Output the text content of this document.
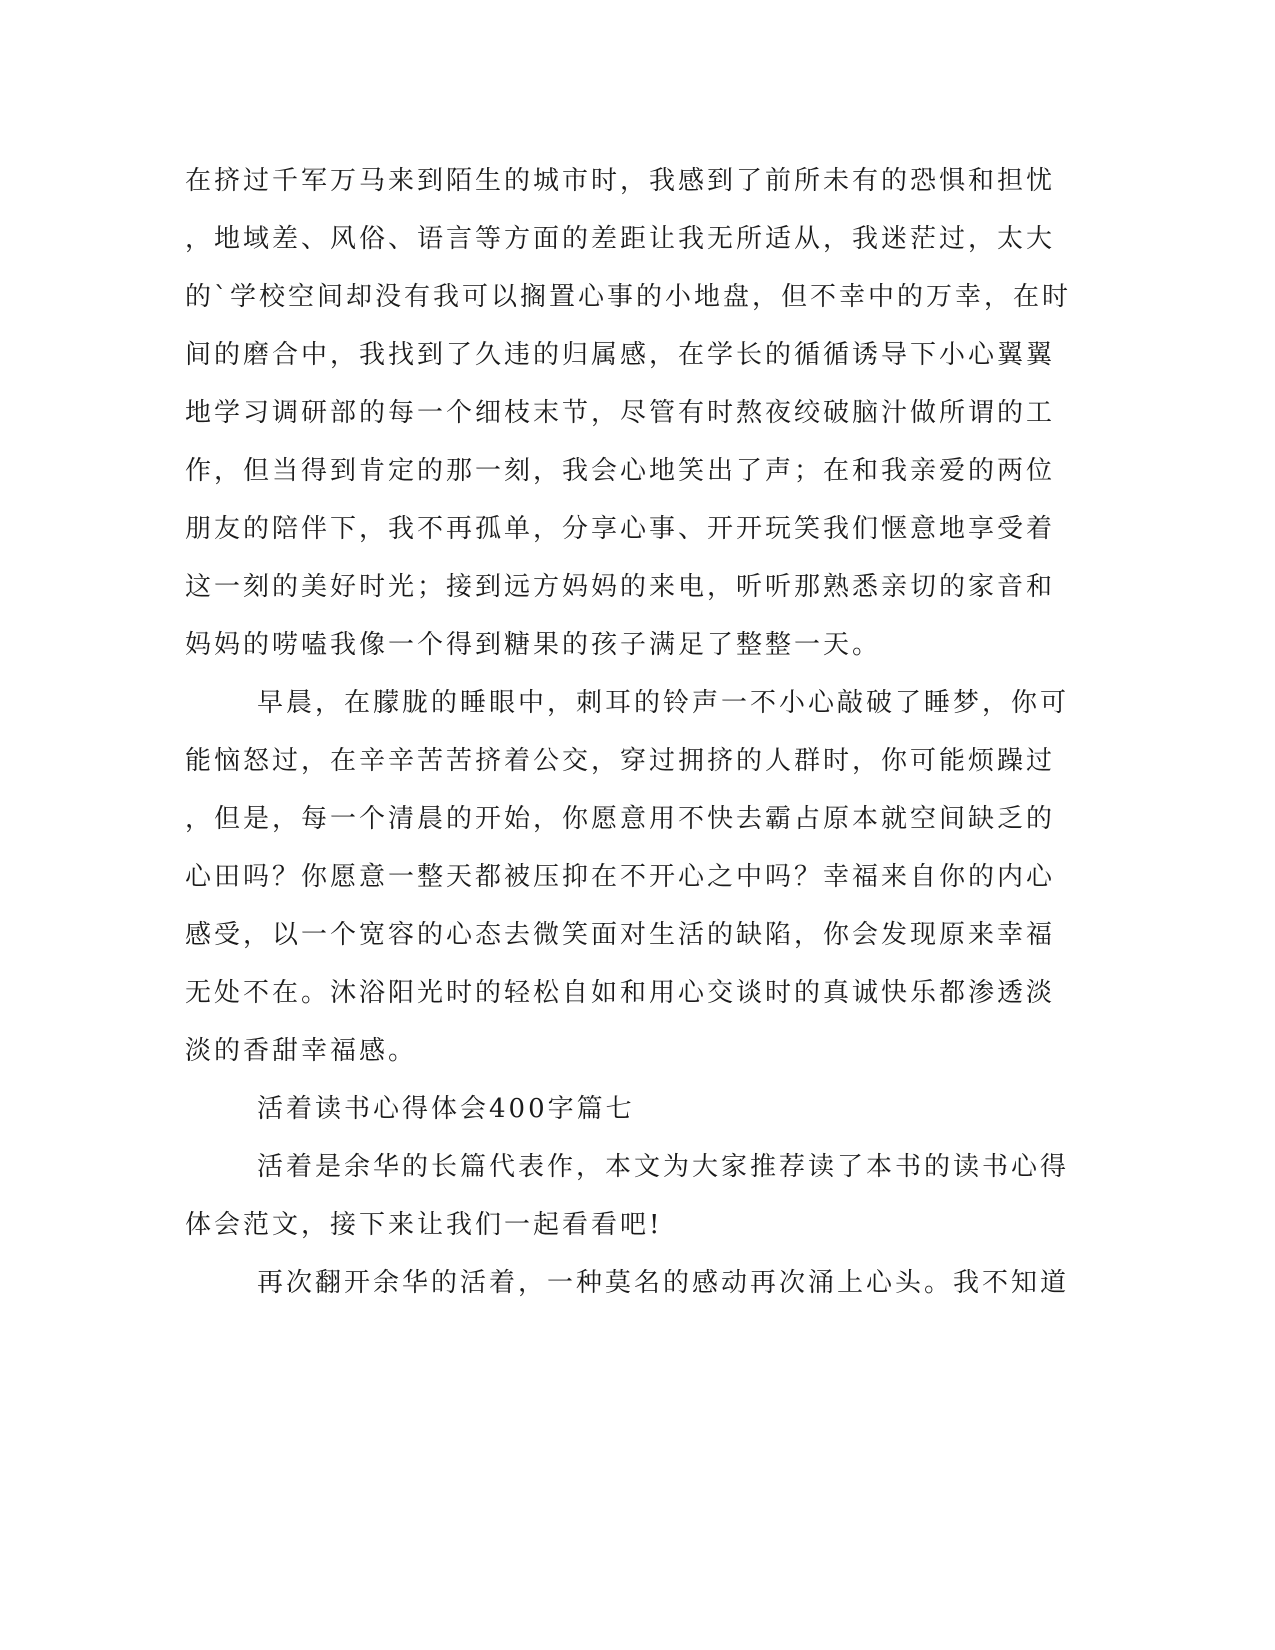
在挤过千军万马来到陌生的城市时，我感到了前所未有的恐惧和担忧
，地域差、风俗、语言等方面的差距让我无所适从，我迷茫过，太大
的`学校空间却没有我可以搁置心事的小地盘，但不幸中的万幸，在时
间的磨合中，我找到了久违的归属感，在学长的循循诱导下小心翼翼
地学习调研部的每一个细枝末节，尽管有时熬夜绞破脑汁做所谓的工
作，但当得到肯定的那一刻，我会心地笑出了声；在和我亲爱的两位
朋友的陪伴下，我不再孤单，分享心事、开开玩笑我们惬意地享受着
这一刻的美好时光；接到远方妈妈的来电，听听那熟悉亲切的家音和
妈妈的唠嗑我像一个得到糖果的孩子满足了整整一天。
早晨，在朦胧的睡眼中，刺耳的铃声一不小心敲破了睡梦，你可
能恼怒过，在辛辛苦苦挤着公交，穿过拥挤的人群时，你可能烦躁过
，但是，每一个清晨的开始，你愿意用不快去霸占原本就空间缺乏的
心田吗？你愿意一整天都被压抑在不开心之中吗？幸福来自你的内心
感受，以一个宽容的心态去微笑面对生活的缺陷，你会发现原来幸福
无处不在。沐浴阳光时的轻松自如和用心交谈时的真诚快乐都渗透淡
淡的香甜幸福感。
活着读书心得体会400字篇七
活着是余华的长篇代表作，本文为大家推荐读了本书的读书心得
体会范文，接下来让我们一起看看吧!
再次翻开余华的活着，一种莫名的感动再次涌上心头。我不知道
